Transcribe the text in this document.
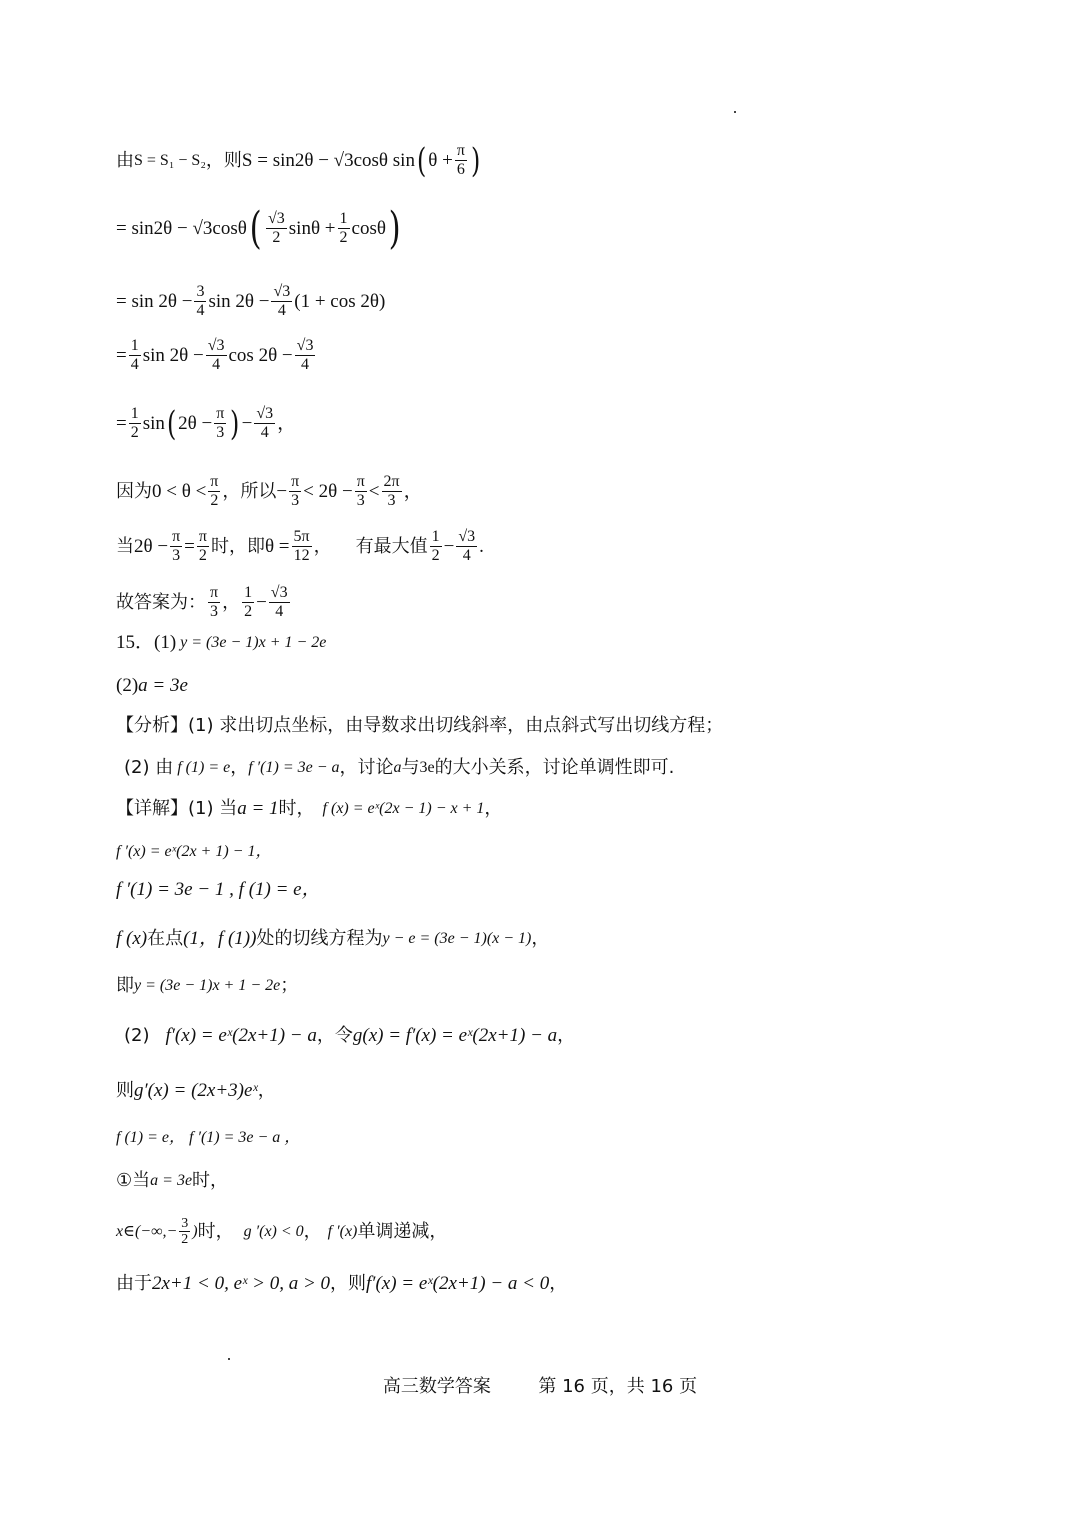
由 S = S₁ − S₂ ，则 S = sin2θ − √3cosθ sin ( $\theta + \frac{\pi}{6}$ )
= sin2θ − √3cosθ ( $\frac{√3}{2}$ $\sin\theta + \frac{1}{2}$ cosθ )
= $\sin 2\theta - \frac{3}{4}$ $\sin 2\theta - \frac{√3}{4} (1 + \cos 2\theta)$
= $\frac{1}{4}$ $\sin 2\theta - \frac{√3}{4}$ $\cos 2\theta - \frac{√3}{4}$
= $\frac{1}{2}$ sin ( $2\theta - \frac{\pi}{3}$ ) − $\frac{√3}{4}$ ，
因为 $0 < \theta < \frac{\pi}{2}$ ，所以 − $\frac{\pi}{3} < 2\theta - \frac{\pi}{3} < \frac{2\pi}{3}$ ，
当 $2\theta - \frac{\pi}{3} = \frac{\pi}{2}$ 时，即 $\theta = \frac{5\pi}{12}$ ， 有最大值 $\frac{1}{2} - \frac{√3}{4}$ .
故答案为： $\frac{\pi}{3}$ ， $\frac{1}{2} - \frac{√3}{4}$
15．(1) y = (3e − 1)x + 1 − 2e
(2) a = 3e
【分析】(1) 求出切点坐标，由导数求出切线斜率，由点斜式写出切线方程；
(2) 由 f (1) = e ， f ′(1) = 3e − a ，讨论 a 与 3e 的大小关系，讨论单调性即可.
【详解】(1) 当 a = 1 时， f (x) = eˣ(2x − 1) − x + 1 ，
f ′(x) = eˣ(2x + 1) − 1，
f ′(1) = 3e − 1 , f (1) = e，
f (x) 在点 (1，f (1)) 处的切线方程为 y − e = (3e − 1)(x − 1) ，
即 y = (3e − 1)x + 1 − 2e ；
(2) f′(x) = eˣ(2x+1) − a ，令 g(x) = f′(x) = eˣ(2x+1) − a ，
则 g′(x) = (2x+3)eˣ ，
f (1) = e， f ′(1) = 3e − a ，
①当 a = 3e 时，
x∈(−∞,− $\frac{3}{2}$ ) 时， g ′(x) < 0 ， f ′(x) 单调递减，
由于 2x+1 < 0, eˣ > 0, a > 0 ，则 f′(x) = eˣ(2x+1) − a < 0 ，
高三数学答案	第 16 页，共 16 页
